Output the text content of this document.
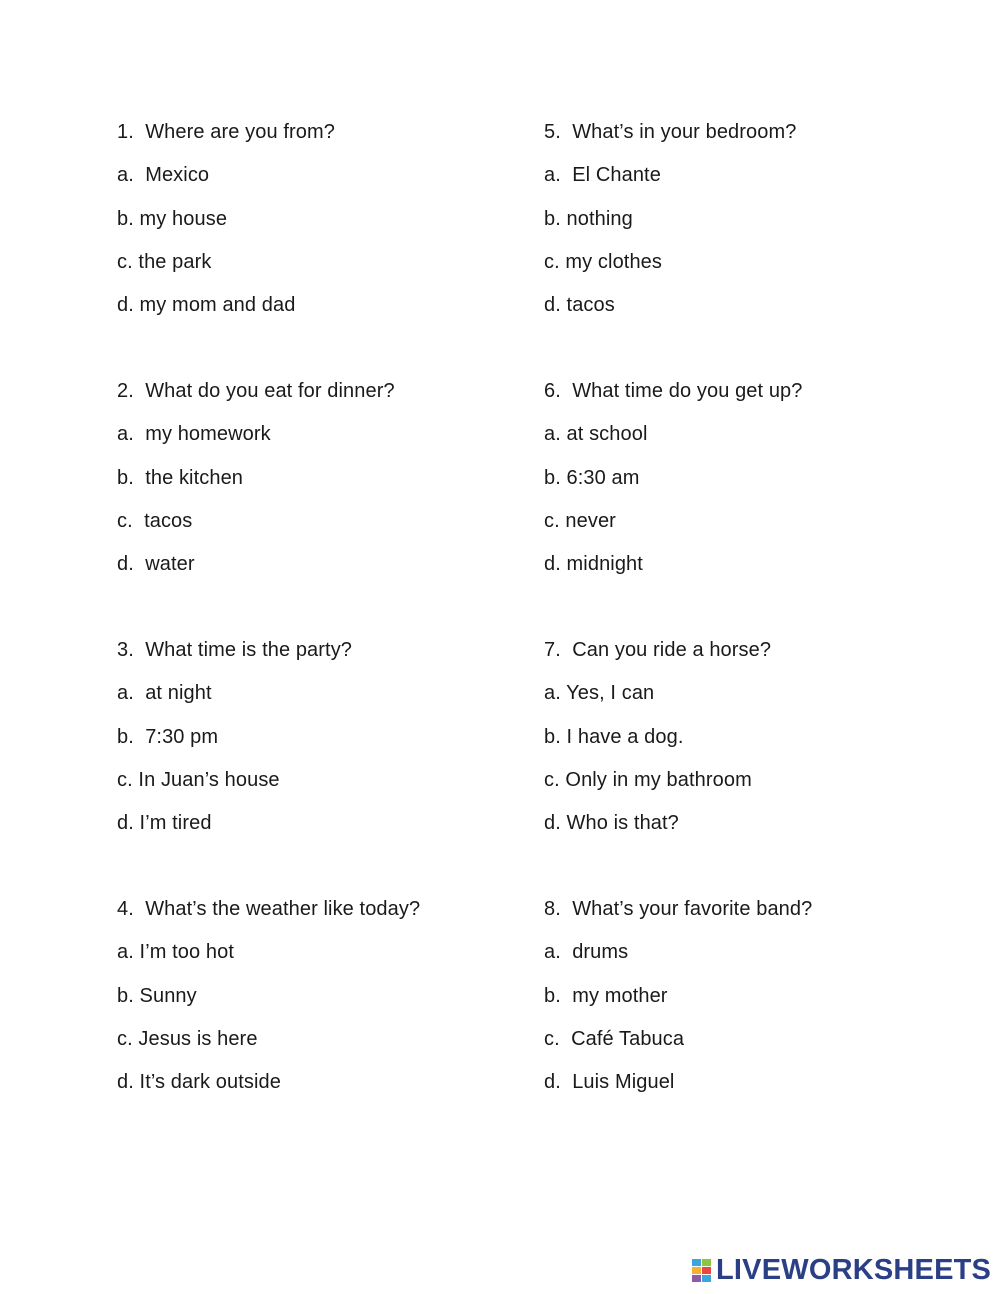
1.  Where are you from?
a.  Mexico
b. my house
c. the park
d. my mom and dad
2.  What do you eat for dinner?
a.  my homework
b.  the kitchen
c.  tacos
d.  water
3.  What time is the party?
a.  at night
b.  7:30 pm
c. In Juan’s house
d. I’m tired
4.  What’s the weather like today?
a. I’m too hot
b. Sunny
c. Jesus is here
d. It’s dark outside
5.  What’s in your bedroom?
a.  El Chante
b. nothing
c. my clothes
d. tacos
6.  What time do you get up?
a. at school
b. 6:30 am
c. never
d. midnight
7.  Can you ride a horse?
a. Yes, I can
b. I have a dog.
c. Only in my bathroom
d. Who is that?
8.  What’s your favorite band?
a.  drums
b.  my mother
c.  Café Tabuca
d.  Luis Miguel
LIVEWORKSHEETS
